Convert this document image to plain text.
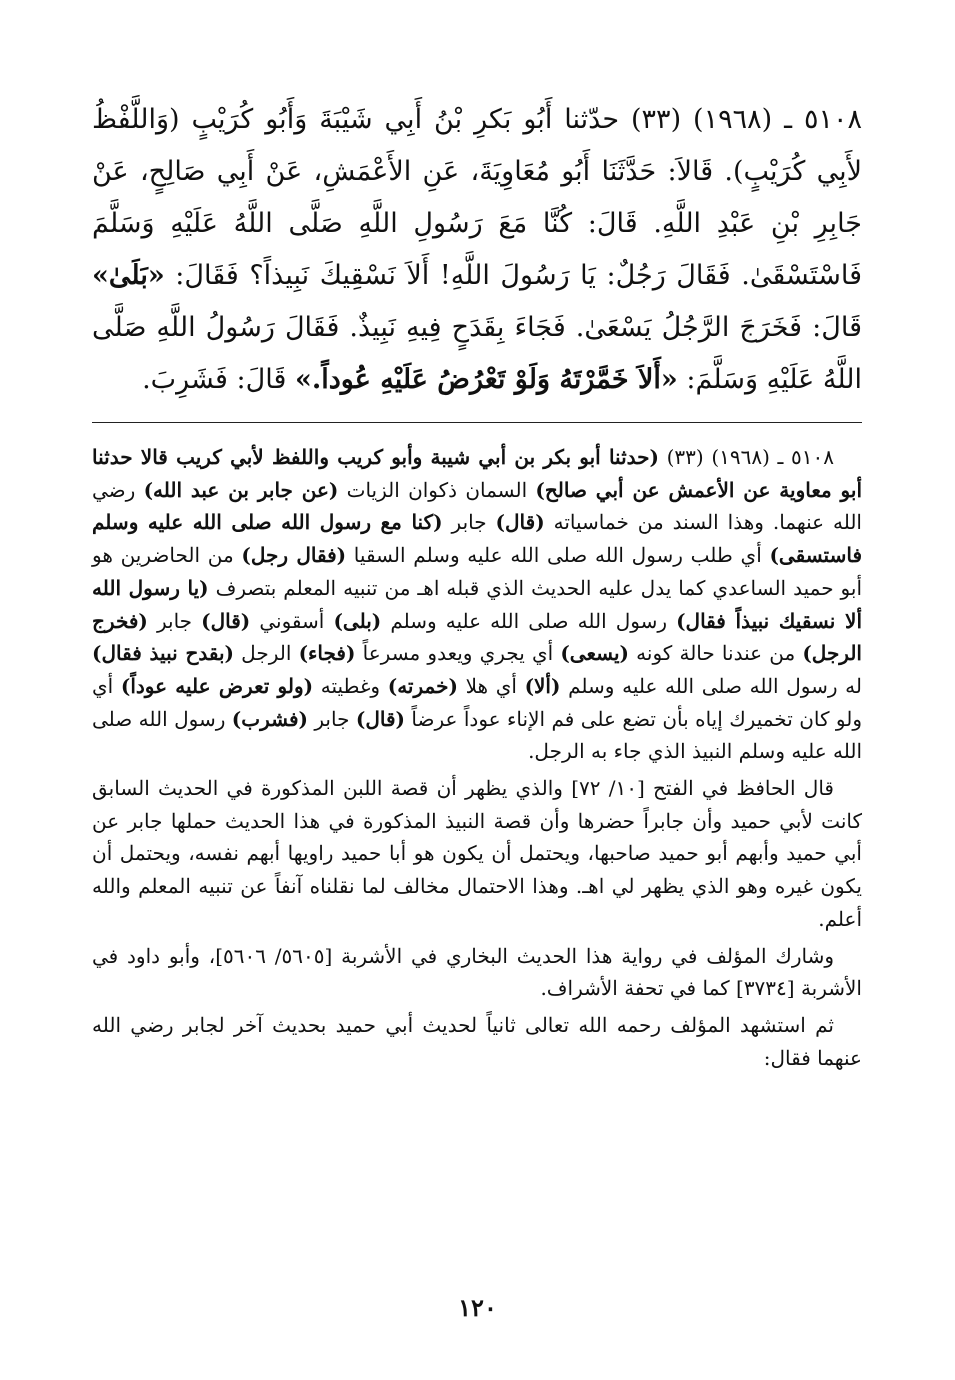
٥١٠٨ ـ (١٩٦٨) (٣٣) حدّثنا أَبُو بَكرِ بْنُ أَبِي شَيْبَةَ وَأَبُو كُرَيْبٍ (وَاللَّفْظُ لأَبِي كُرَيْبٍ). قَالاَ: حَدَّثَنَا أَبُو مُعَاوِيَةَ، عَنِ الأَعْمَشِ، عَنْ أَبِي صَالِحٍ، عَنْ جَابِرِ بْنِ عَبْدِ اللَّهِ. قَالَ: كُنَّا مَعَ رَسُولِ اللَّهِ صَلَّى اللَّهُ عَلَيْهِ وَسَلَّمَ فَاسْتَسْقَىٰ. فَقَالَ رَجُلٌ: يَا رَسُولَ اللَّهِ! أَلاَ نَسْقِيكَ نَبِيذاً؟ فَقَالَ: «بَلَىٰ» قَالَ: فَخَرَجَ الرَّجُلُ يَسْعَىٰ. فَجَاءَ بِقَدَحٍ فِيهِ نَبِيذٌ. فَقَالَ رَسُولُ اللَّهِ صَلَّى اللَّهُ عَلَيْهِ وَسَلَّمَ: «أَلاَ خَمَّرْتَهُ وَلَوْ تَعْرُضُ عَلَيْهِ عُوداً.» قَالَ: فَشَرِبَ.

٥١٠٨ ـ (١٩٦٨) (٣٣) (حدثنا أبو بكر بن أبي شيبة وأبو كريب واللفظ لأبي كريب قالا حدثنا أبو معاوية عن الأعمش عن أبي صالح) السمان ذكوان الزيات (عن جابر بن عبد الله) رضي الله عنهما. وهذا السند من خماسياته (قال) جابر (كنا مع رسول الله صلى الله عليه وسلم فاستسقى) أي طلب رسول الله صلى الله عليه وسلم السقيا (فقال رجل) من الحاضرين هو أبو حميد الساعدي كما يدل عليه الحديث الذي قبله اهـ من تنبيه المعلم بتصرف (يا رسول الله ألا نسقيك نبيذاً فقال) رسول الله صلى الله عليه وسلم (بلى) أسقوني (قال) جابر (فخرج الرجل) من عندنا حالة كونه (يسعى) أي يجري ويعدو مسرعاً (فجاء) الرجل (بقدح نبيذ فقال) له رسول الله صلى الله عليه وسلم (ألا) أي هلا (خمرته) وغطيته (ولو تعرض عليه عوداً) أي ولو كان تخميرك إياه بأن تضع على فم الإناء عوداً عرضاً (قال) جابر (فشرب) رسول الله صلى الله عليه وسلم النبيذ الذي جاء به الرجل.

قال الحافظ في الفتح [١٠/ ٧٢] والذي يظهر أن قصة اللبن المذكورة في الحديث السابق كانت لأبي حميد وأن جابراً حضرها وأن قصة النبيذ المذكورة في هذا الحديث حملها جابر عن أبي حميد وأبهم أبو حميد صاحبها، ويحتمل أن يكون هو أبا حميد راويها أبهم نفسه، ويحتمل أن يكون غيره وهو الذي يظهر لي اهـ. وهذا الاحتمال مخالف لما نقلناه آنفاً عن تنبيه المعلم والله أعلم.

وشارك المؤلف في رواية هذا الحديث البخاري في الأشربة [٥٦٠٥/ ٥٦٠٦]، وأبو داود في الأشربة [٣٧٣٤] كما في تحفة الأشراف.

ثم استشهد المؤلف رحمه الله تعالى ثانياً لحديث أبي حميد بحديث آخر لجابر رضي الله عنهما فقال:

١٢٠
